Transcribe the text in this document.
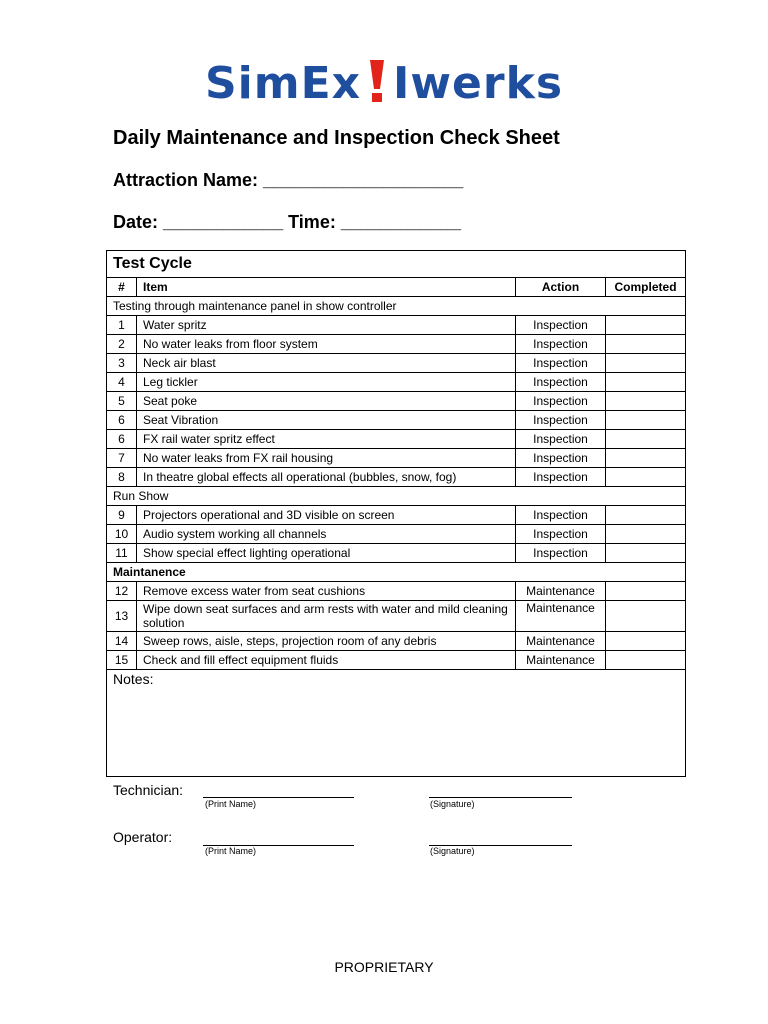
SimEx Iwerks
Daily Maintenance and Inspection Check Sheet
Attraction Name: ____________________
Date: ____________ Time: ____________
Test Cycle			
#	Item	Action	Completed
Testing through maintenance panel in show controller			
1	Water spritz	Inspection	
2	No water leaks from floor system	Inspection	
3	Neck air blast	Inspection	
4	Leg tickler	Inspection	
5	Seat poke	Inspection	
6	Seat Vibration	Inspection	
6	FX rail water spritz effect	Inspection	
7	No water leaks from FX rail housing	Inspection	
8	In theatre global effects all operational (bubbles, snow, fog)	Inspection	
Run Show			
9	Projectors operational and 3D visible on screen	Inspection	
10	Audio system working all channels	Inspection	
11	Show special effect lighting operational	Inspection	
Maintanence			
12	Remove excess water from seat cushions	Maintenance	
13	Wipe down seat surfaces and arm rests with water and mild cleaning solution	Maintenance	
14	Sweep rows, aisle, steps, projection room of any debris	Maintenance	
15	Check and fill effect equipment fluids	Maintenance	
Notes:			
Technician:
(Print Name)	(Signature)
Operator:
(Print Name)	(Signature)
PROPRIETARY
